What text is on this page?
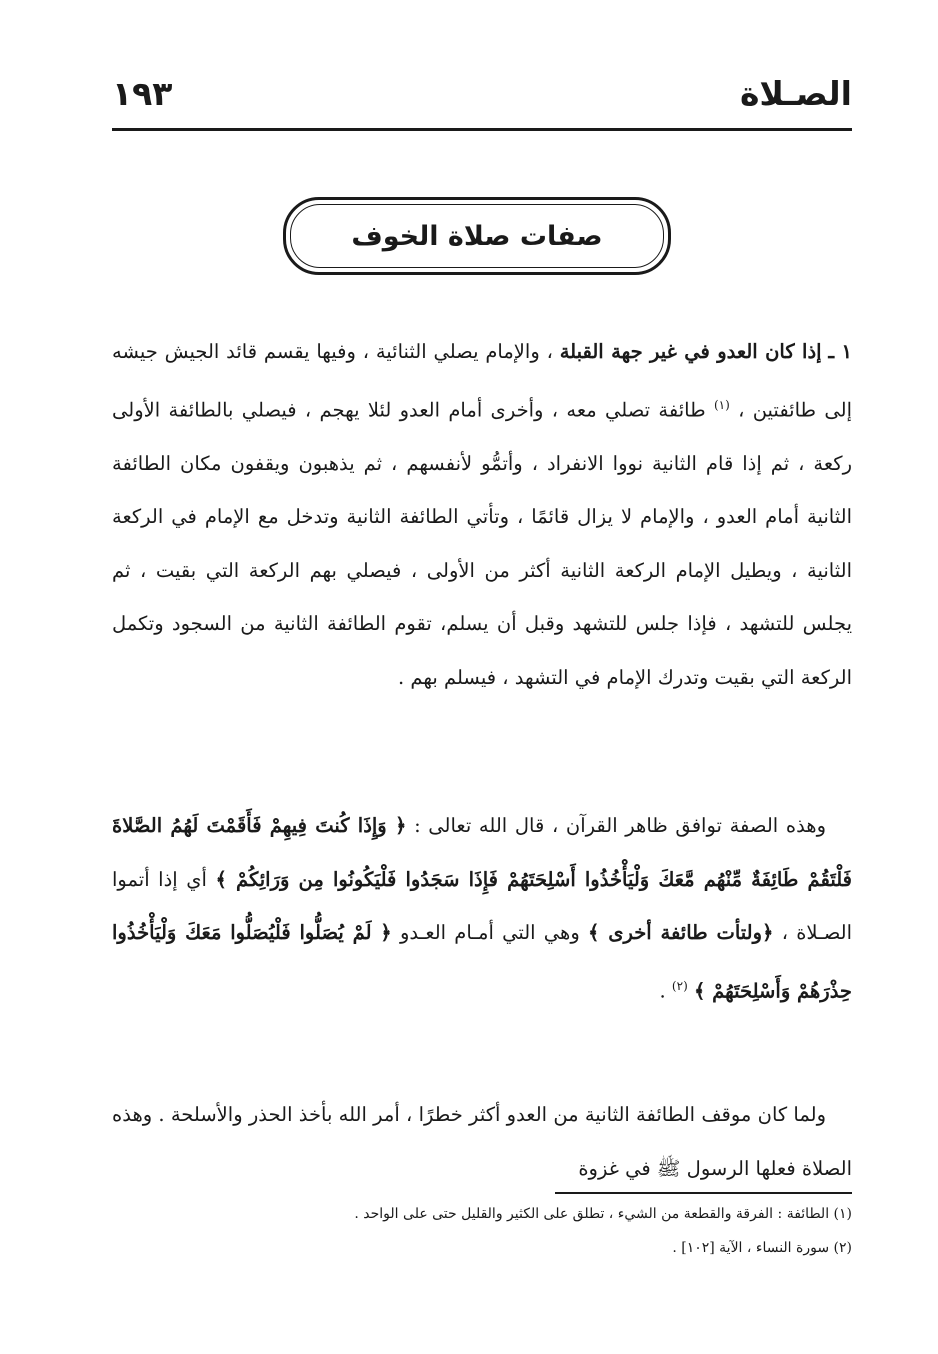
الصـلاة
١٩٣
صفات صلاة الخوف

١ ـ إذا كان العدو في غير جهة القبلة ، والإمام يصلي الثنائية ، وفيها يقسم قائد الجيش جيشه إلى طائفتين ، $^{(١)}$ طائفة تصلي معه ، وأخرى أمام العدو لئلا يهجم ، فيصلي بالطائفة الأولى ركعة ، ثم إذا قام الثانية نووا الانفراد ، وأتمُّو لأنفسهم ، ثم يذهبون ويقفون مكان الطائفة الثانية أمام العدو ، والإمام لا يزال قائمًا ، وتأتي الطائفة الثانية وتدخل مع الإمام في الركعة الثانية ، ويطيل الإمام الركعة الثانية أكثر من الأولى ، فيصلي بهم الركعة التي بقيت ، ثم يجلس للتشهد ، فإذا جلس للتشهد وقبل أن يسلم، تقوم الطائفة الثانية من السجود وتكمل الركعة التي بقيت وتدرك الإمام في التشهد ، فيسلم بهم .

وهذه الصفة توافق ظاهر القرآن ، قال الله تعالى : ﴿ وَإِذَا كُنتَ فِيهِمْ فَأَقَمْتَ لَهُمُ الصَّلاةَ فَلْتَقُمْ طَائِفَةٌ مِّنْهُم مَّعَكَ وَلْيَأْخُذُوا أَسْلِحَتَهُمْ فَإِذَا سَجَدُوا فَلْيَكُونُوا مِن وَرَائِكُمْ ﴾ أي إذا أتموا الصـلاة ، ﴿ولتأت طائفة أخرى ﴾ وهي التي أمـام العـدو ﴿ لَمْ يُصَلُّوا فَلْيُصَلُّوا مَعَكَ وَلْيَأْخُذُوا حِذْرَهُمْ وَأَسْلِحَتَهُمْ ﴾ $^{(٢)}$ .

ولما كان موقف الطائفة الثانية من العدو أكثر خطرًا ، أمر الله بأخذ الحذر والأسلحة . وهذه الصلاة فعلها الرسول ﷺ في غزوة

(١) الطائفة : الفرقة والقطعة من الشيء ، تطلق على الكثير والقليل حتى على الواحد .

(٢) سورة النساء ، الآية [١٠٢] .
